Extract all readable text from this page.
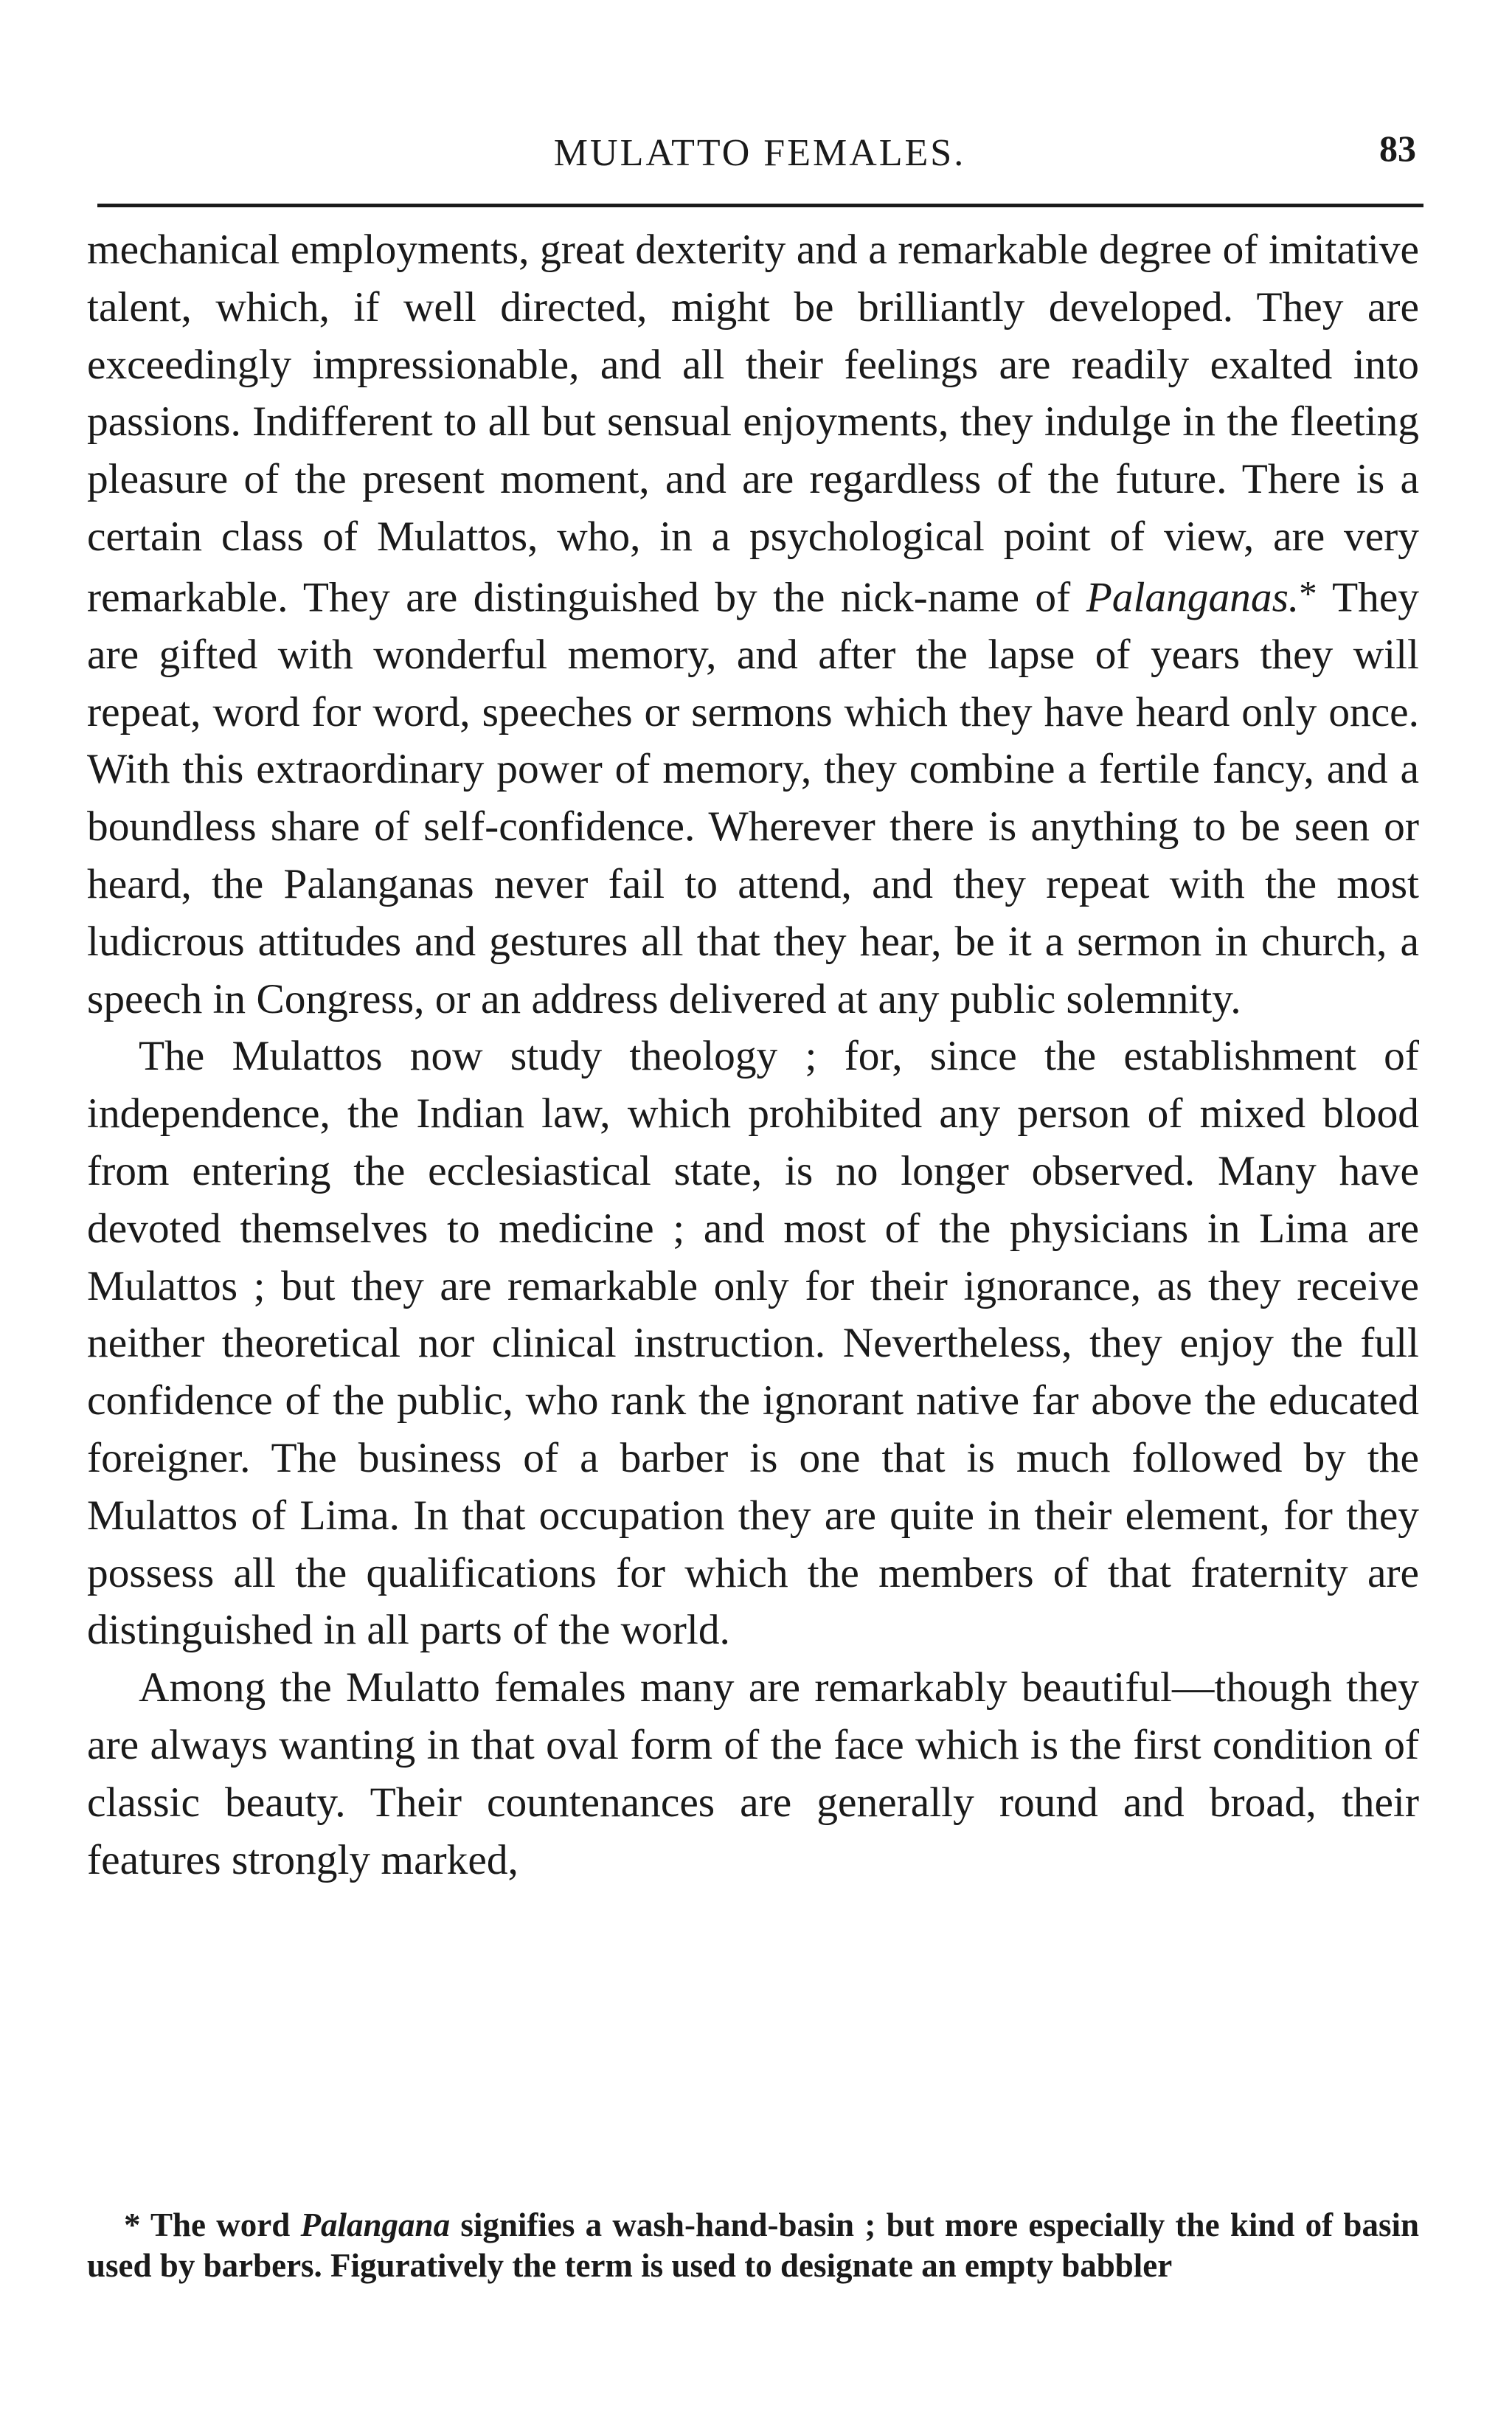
MULATTO FEMALES.	83

mechanical employments, great dexterity and a remarkable degree of imitative talent, which, if well directed, might be brilliantly developed. They are exceedingly impressionable, and all their feelings are readily exalted into passions. Indifferent to all but sensual enjoyments, they indulge in the fleeting pleasure of the present moment, and are regardless of the future. There is a certain class of Mulattos, who, in a psychological point of view, are very remarkable. They are distinguished by the nick-name of Palanganas.* They are gifted with wonderful memory, and after the lapse of years they will repeat, word for word, speeches or sermons which they have heard only once. With this extraordinary power of memory, they combine a fertile fancy, and a boundless share of self-confidence. Wherever there is anything to be seen or heard, the Palanganas never fail to attend, and they repeat with the most ludicrous attitudes and gestures all that they hear, be it a sermon in church, a speech in Congress, or an address delivered at any public solemnity.

The Mulattos now study theology ; for, since the establishment of independence, the Indian law, which prohibited any person of mixed blood from entering the ecclesiastical state, is no longer observed. Many have devoted themselves to medicine ; and most of the physicians in Lima are Mulattos ; but they are remarkable only for their ignorance, as they receive neither theoretical nor clinical instruction. Nevertheless, they enjoy the full confidence of the public, who rank the ignorant native far above the educated foreigner. The business of a barber is one that is much followed by the Mulattos of Lima. In that occupation they are quite in their element, for they possess all the qualifications for which the members of that fraternity are distinguished in all parts of the world.

Among the Mulatto females many are remarkably beautiful—though they are always wanting in that oval form of the face which is the first condition of classic beauty. Their countenances are generally round and broad, their features strongly marked,

* The word Palangana signifies a wash-hand-basin ; but more especially the kind of basin used by barbers. Figuratively the term is used to designate an empty babbler
